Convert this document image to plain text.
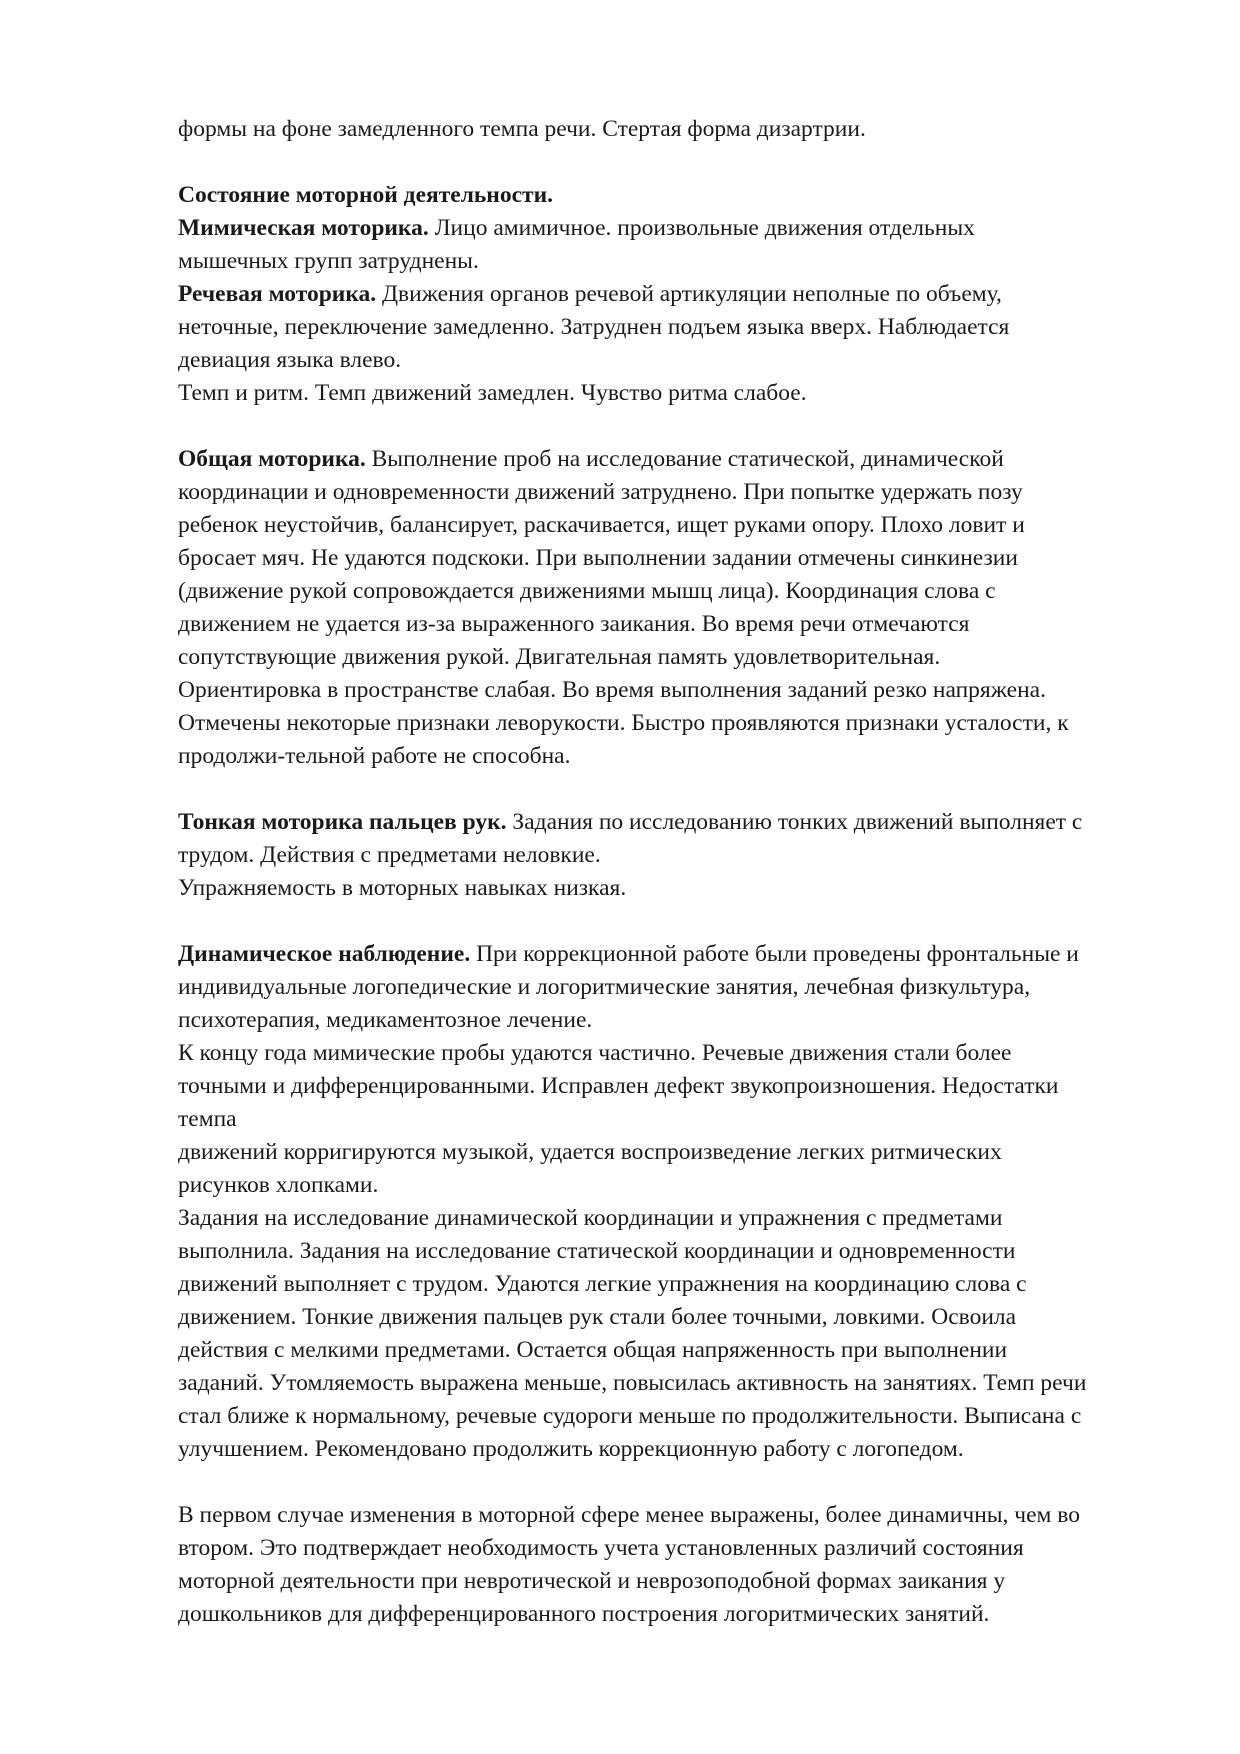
формы на фоне замедленного темпа речи. Стертая форма дизартрии.
Состояние моторной деятельности.
Мимическая моторика. Лицо амимичное. произвольные движения отдельных
мышечных групп затруднены.
Речевая моторика. Движения органов речевой артикуляции неполные по объему,
неточные, переключение замедленно. Затруднен подъем языка вверх. Наблюдается
девиация языка влево.
Темп и ритм. Темп движений замедлен. Чувство ритма слабое.
Общая моторика. Выполнение проб на исследование статической, динамической
координации и одновременности движений затруднено. При попытке удержать позу
ребенок неустойчив, балансирует, раскачивается, ищет руками опору. Плохо ловит и
бросает мяч. Не удаются подскоки. При выполнении задании отмечены синкинезии
(движение рукой сопровождается движениями мышц лица). Координация слова с
движением не удается из-за выраженного заикания. Во время речи отмечаются
сопутствующие движения рукой. Двигательная память удовлетворительная.
Ориентировка в пространстве слабая. Во время выполнения заданий резко напряжена.
Отмечены некоторые признаки леворукости. Быстро проявляются признаки усталости, к
продолжи-тельной работе не способна.
Тонкая моторика пальцев рук. Задания по исследованию тонких движений выполняет с
трудом. Действия с предметами неловкие.
Упражняемость в моторных навыках низкая.
Динамическое наблюдение. При коррекционной работе были проведены фронтальные и
индивидуальные логопедические и логоритмические занятия, лечебная физкультура,
психотерапия, медикаментозное лечение.
К концу года мимические пробы удаются частично. Речевые движения стали более
точными и дифференцированными. Исправлен дефект звукопроизношения. Недостатки
темпа
движений корригируются музыкой, удается воспроизведение легких ритмических
рисунков хлопками.
Задания на исследование динамической координации и упражнения с предметами
выполнила. Задания на исследование статической координации и одновременности
движений выполняет с трудом. Удаются легкие упражнения на координацию слова с
движением. Тонкие движения пальцев рук стали более точными, ловкими. Освоила
действия с мелкими предметами. Остается общая напряженность при выполнении
заданий. Утомляемость выражена меньше, повысилась активность на занятиях. Темп речи
стал ближе к нормальному, речевые судороги меньше по продолжительности. Выписана с
улучшением. Рекомендовано продолжить коррекционную работу с логопедом.
В первом случае изменения в моторной сфере менее выражены, более динамичны, чем во
втором. Это подтверждает необходимость учета установленных различий состояния
моторной деятельности при невротической и неврозоподобной формах заикания у
дошкольников для дифференцированного построения логоритмических занятий.
